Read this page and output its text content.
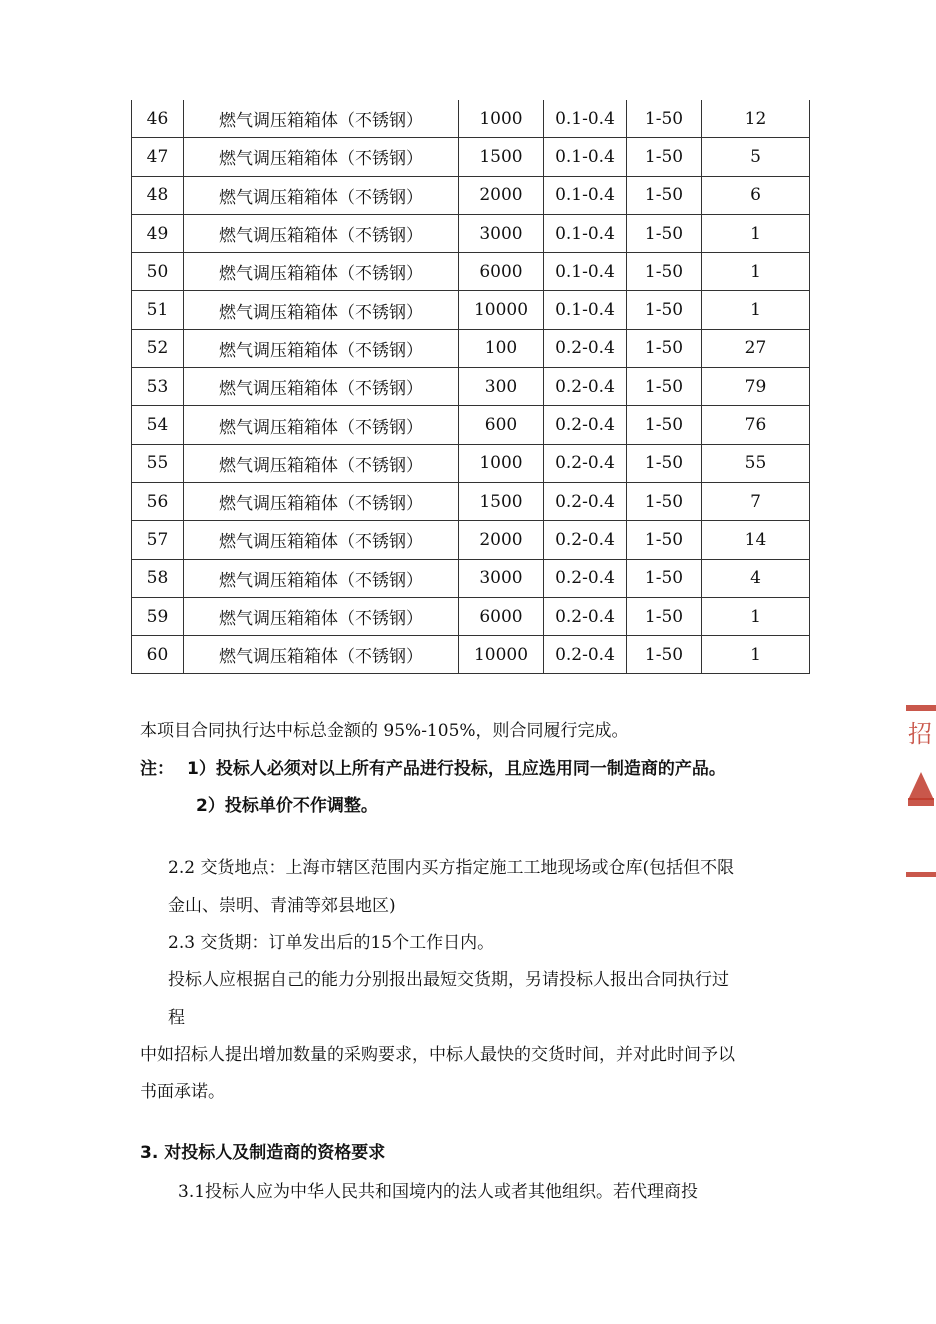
46	燃气调压箱箱体（不锈钢）	1000	0.1-0.4	1-50	12
47	燃气调压箱箱体（不锈钢）	1500	0.1-0.4	1-50	5
48	燃气调压箱箱体（不锈钢）	2000	0.1-0.4	1-50	6
49	燃气调压箱箱体（不锈钢）	3000	0.1-0.4	1-50	1
50	燃气调压箱箱体（不锈钢）	6000	0.1-0.4	1-50	1
51	燃气调压箱箱体（不锈钢）	10000	0.1-0.4	1-50	1
52	燃气调压箱箱体（不锈钢）	100	0.2-0.4	1-50	27
53	燃气调压箱箱体（不锈钢）	300	0.2-0.4	1-50	79
54	燃气调压箱箱体（不锈钢）	600	0.2-0.4	1-50	76
55	燃气调压箱箱体（不锈钢）	1000	0.2-0.4	1-50	55
56	燃气调压箱箱体（不锈钢）	1500	0.2-0.4	1-50	7
57	燃气调压箱箱体（不锈钢）	2000	0.2-0.4	1-50	14
58	燃气调压箱箱体（不锈钢）	3000	0.2-0.4	1-50	4
59	燃气调压箱箱体（不锈钢）	6000	0.2-0.4	1-50	1
60	燃气调压箱箱体（不锈钢）	10000	0.2-0.4	1-50	1
本项目合同执行达中标总金额的 95%-105%，则合同履行完成。
注： 1）投标人必须对以上所有产品进行投标，且应选用同一制造商的产品。
2）投标单价不作调整。
2.2 交货地点：上海市辖区范围内买方指定施工工地现场或仓库(包括但不限
金山、崇明、青浦等郊县地区)
2.3 交货期：订单发出后的15个工作日内。
投标人应根据自己的能力分别报出最短交货期，另请投标人报出合同执行过
程
中如招标人提出增加数量的采购要求，中标人最快的交货时间，并对此时间予以
书面承诺。
3. 对投标人及制造商的资格要求
3.1投标人应为中华人民共和国境内的法人或者其他组织。若代理商投
招
